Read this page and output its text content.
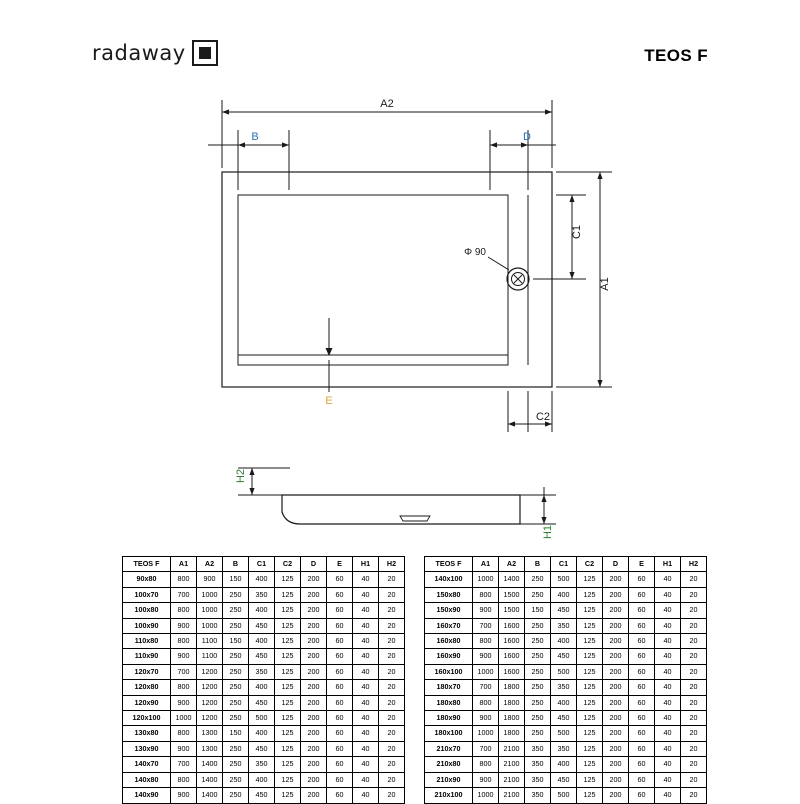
radaway	TEOS F
A2
B	D
A1
C1
C2
Φ 90
E
H2
H1
TEOS F	A1	A2	B	C1	C2	D	E	H1	H2
90x80	800	900	150	400	125	200	60	40	20
100x70	700	1000	250	350	125	200	60	40	20
100x80	800	1000	250	400	125	200	60	40	20
100x90	900	1000	250	450	125	200	60	40	20
110x80	800	1100	150	400	125	200	60	40	20
110x90	900	1100	250	450	125	200	60	40	20
120x70	700	1200	250	350	125	200	60	40	20
120x80	800	1200	250	400	125	200	60	40	20
120x90	900	1200	250	450	125	200	60	40	20
120x100	1000	1200	250	500	125	200	60	40	20
130x80	800	1300	150	400	125	200	60	40	20
130x90	900	1300	250	450	125	200	60	40	20
140x70	700	1400	250	350	125	200	60	40	20
140x80	800	1400	250	400	125	200	60	40	20
140x90	900	1400	250	450	125	200	60	40	20
TEOS F	A1	A2	B	C1	C2	D	E	H1	H2
140x100	1000	1400	250	500	125	200	60	40	20
150x80	800	1500	250	400	125	200	60	40	20
150x90	900	1500	150	450	125	200	60	40	20
160x70	700	1600	250	350	125	200	60	40	20
160x80	800	1600	250	400	125	200	60	40	20
160x90	900	1600	250	450	125	200	60	40	20
160x100	1000	1600	250	500	125	200	60	40	20
180x70	700	1800	250	350	125	200	60	40	20
180x80	800	1800	250	400	125	200	60	40	20
180x90	900	1800	250	450	125	200	60	40	20
180x100	1000	1800	250	500	125	200	60	40	20
210x70	700	2100	350	350	125	200	60	40	20
210x80	800	2100	350	400	125	200	60	40	20
210x90	900	2100	350	450	125	200	60	40	20
210x100	1000	2100	350	500	125	200	60	40	20
